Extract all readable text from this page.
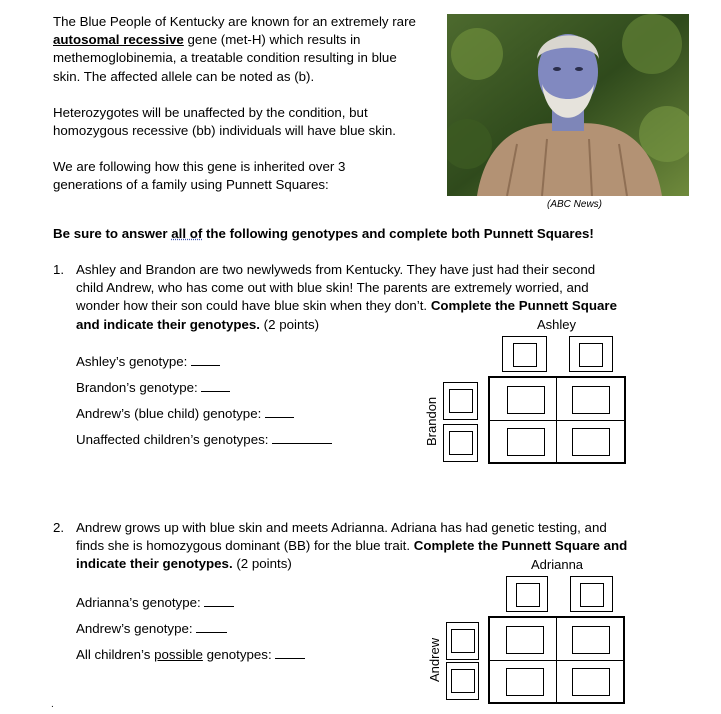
The Blue People of Kentucky are known for an extremely rare

autosomal recessive gene (met-H) which results in

methemoglobinemia, a treatable condition resulting in blue

skin. The affected allele can be noted as (b).

Heterozygotes will be unaffected by the condition, but

homozygous recessive (bb) individuals will have blue skin.

We are following how this gene is inherited over 3

generations of a family using Punnett Squares:

(ABC News)
Be sure to answer all of the following genotypes and complete both Punnett Squares!
1. Ashley and Brandon are two newlyweds from Kentucky. They have just had their second
child Andrew, who has come out with blue skin! The parents are extremely worried, and
wonder how their son could have blue skin when they don’t. Complete the Punnett Square
and indicate their genotypes. (2 points)
Ashley’s genotype:
Brandon’s genotype:
Andrew’s (blue child) genotype:
Unaffected children’s genotypes:
Ashley
Brandon
2. Andrew grows up with blue skin and meets Adrianna. Adriana has had genetic testing, and
finds she is homozygous dominant (BB) for the blue trait. Complete the Punnett Square and
indicate their genotypes. (2 points)
Adrianna’s genotype:
Andrew’s genotype:
All children’s possible genotypes:
Adrianna
Andrew
.
